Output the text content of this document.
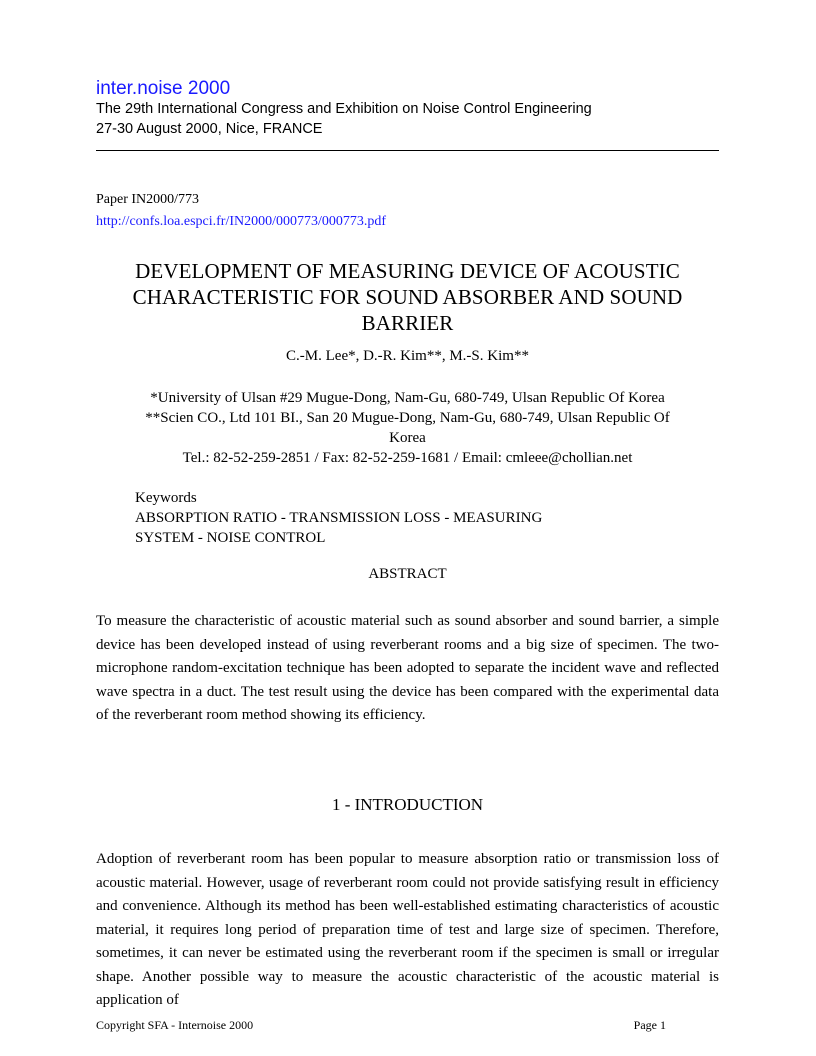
inter.noise 2000
The 29th International Congress and Exhibition on Noise Control Engineering
27-30 August 2000, Nice, FRANCE
Paper IN2000/773
http://confs.loa.espci.fr/IN2000/000773/000773.pdf
DEVELOPMENT OF MEASURING DEVICE OF ACOUSTIC
CHARACTERISTIC FOR SOUND ABSORBER AND SOUND
BARRIER
C.-M. Lee*, D.-R. Kim**, M.-S. Kim**
*University of Ulsan #29 Mugue-Dong, Nam-Gu, 680-749, Ulsan Republic Of Korea
**Scien CO., Ltd 101 BI., San 20 Mugue-Dong, Nam-Gu, 680-749, Ulsan Republic Of
Korea
Tel.: 82-52-259-2851 / Fax: 82-52-259-1681 / Email: cmleee@chollian.net
Keywords
ABSORPTION RATIO - TRANSMISSION LOSS - MEASURING
SYSTEM - NOISE CONTROL
ABSTRACT
To measure the characteristic of acoustic material such as sound absorber and sound barrier, a simple device has been developed instead of using reverberant rooms and a big size of specimen. The two-microphone random-excitation technique has been adopted to separate the incident wave and reflected wave spectra in a duct. The test result using the device has been compared with the experimental data of the reverberant room method showing its efficiency.
1 - INTRODUCTION
Adoption of reverberant room has been popular to measure absorption ratio or transmission loss of acoustic material. However, usage of reverberant room could not provide satisfying result in efficiency and convenience. Although its method has been well-established estimating characteristics of acoustic material, it requires long period of preparation time of test and large size of specimen. Therefore, sometimes, it can never be estimated using the reverberant room if the specimen is small or irregular shape. Another possible way to measure the acoustic characteristic of the acoustic material is application of
Copyright SFA - Internoise 2000	Page 1
